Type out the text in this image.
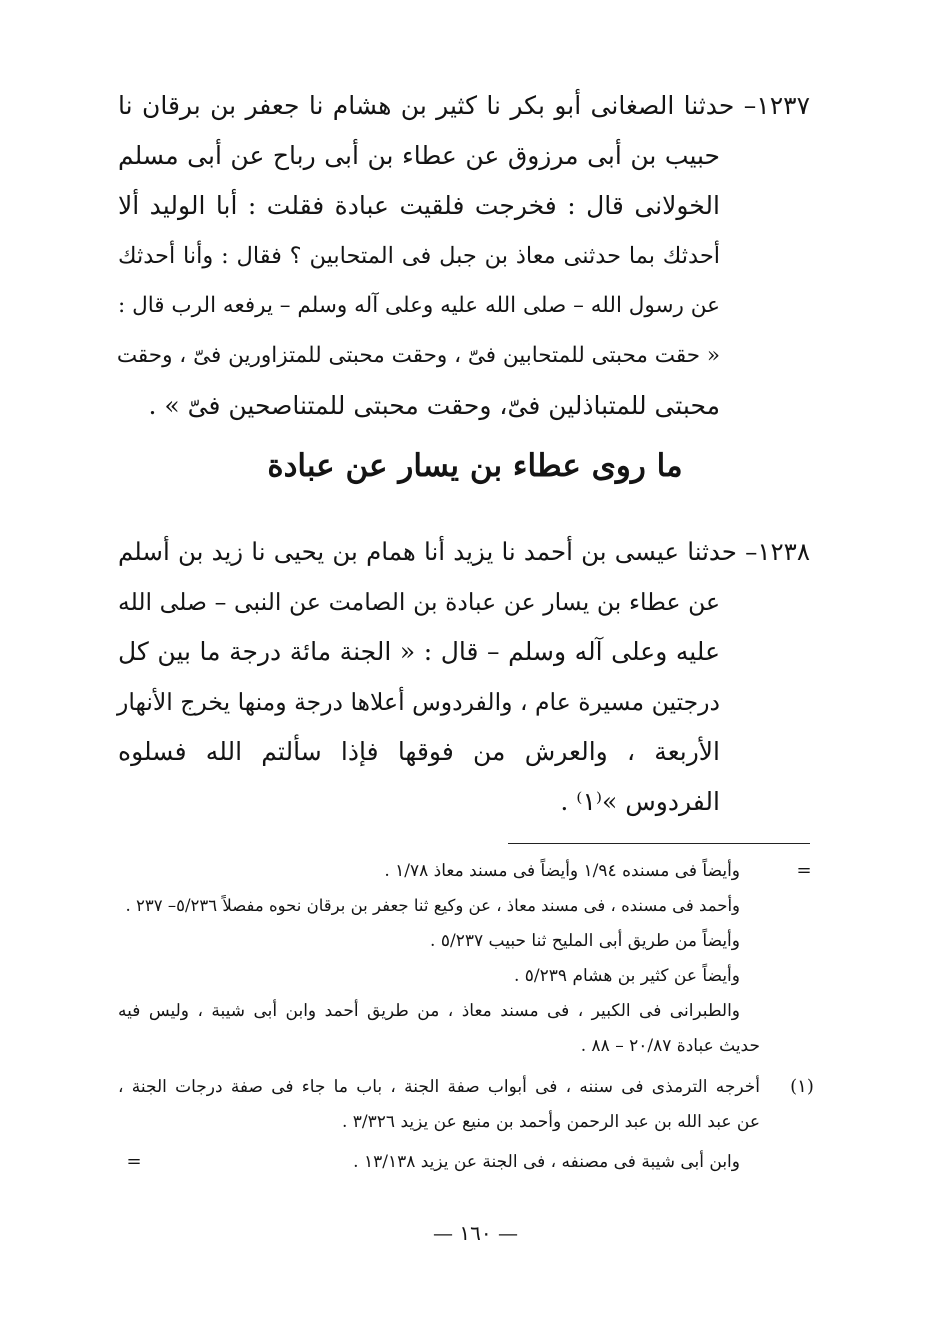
١٢٣٧– حدثنا الصغانى أبو بكر نا كثير بن هشام نا جعفر بن برقان نا
حبيب بن أبى مرزوق عن عطاء بن أبى رباح عن أبى مسلم
الخولانى قال : فخرجت فلقيت عبادة فقلت : أبا الوليد ألا
أحدثك بما حدثنى معاذ بن جبل فى المتحابين ؟ فقال : وأنا أحدثك
عن رسول الله – صلى الله عليه وعلى آله وسلم – يرفعه الرب قال :
« حقت محبتى للمتحابين فىّ ، وحقت محبتى للمتزاورين فىّ ، وحقت
محبتى للمتباذلين فىّ، وحقت محبتى للمتناصحين فىّ » .
ما روى عطاء بن يسار عن عبادة
١٢٣٨– حدثنا عيسى بن أحمد نا يزيد أنا همام بن يحيى نا زيد بن أسلم
عن عطاء بن يسار عن عبادة بن الصامت عن النبى – صلى الله
عليه وعلى آله وسلم – قال : « الجنة مائة درجة ما بين كل
درجتين مسيرة عام ، والفردوس أعلاها درجة ومنها يخرج الأنهار
الأربعة ، والعرش من فوقها فإذا سألتم الله فسلوه
الفردوس »⁽١⁾ .
=
وأيضاً فى مسنده ١/٩٤ وأيضاً فى مسند معاذ ١/٧٨ .
وأحمد فى مسنده ، فى مسند معاذ ، عن وكيع ثنا جعفر بن برقان نحوه مفصلاً ٥/٢٣٦– ٢٣٧ .
وأيضاً من طريق أبى المليح ثنا حبيب ٥/٢٣٧ .
وأيضاً عن كثير بن هشام ٥/٢٣٩ .
والطبرانى فى الكبير ، فى مسند معاذ ، من طريق أحمد وابن أبى شيبة ، وليس فيه
حديث عبادة ٢٠/٨٧ – ٨٨ .
(١)
أخرجه الترمذى فى سننه ، فى أبواب صفة الجنة ، باب ما جاء فى صفة درجات الجنة ،
عن عبد الله بن عبد الرحمن وأحمد بن منيع عن يزيد ٣/٣٢٦ .
وابن أبى شيبة فى مصنفه ، فى الجنة عن يزيد ١٣/١٣٨ .
=
— ١٦٠ —
